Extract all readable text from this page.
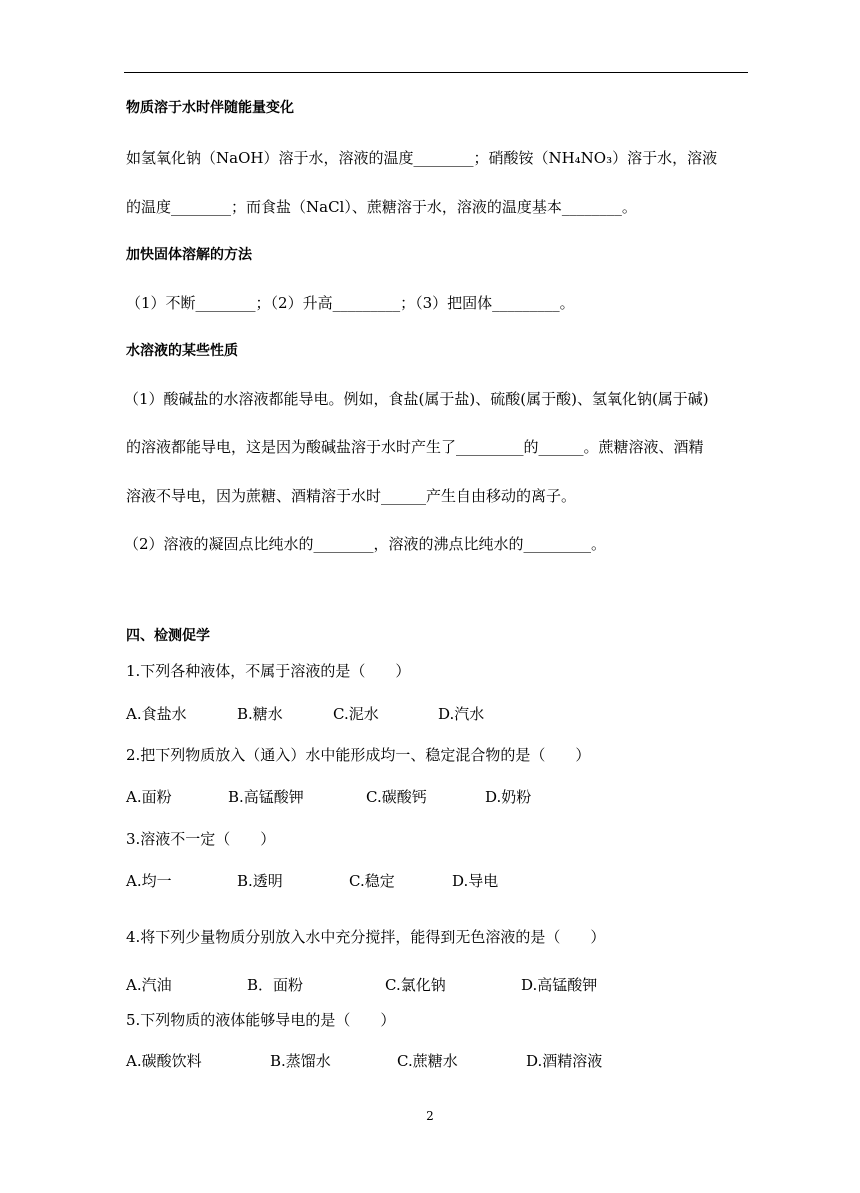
物质溶于水时伴随能量变化
如氢氧化钠（NaOH）溶于水，溶液的温度________；硝酸铵（NH₄NO₃）溶于水，溶液
的温度________；而食盐（NaCl）、蔗糖溶于水，溶液的温度基本________。
加快固体溶解的方法
（1）不断________；（2）升高_________；（3）把固体_________。
水溶液的某些性质
（1）酸碱盐的水溶液都能导电。例如，食盐(属于盐)、硫酸(属于酸)、氢氧化钠(属于碱)
的溶液都能导电，这是因为酸碱盐溶于水时产生了_________的______。蔗糖溶液、酒精
溶液不导电，因为蔗糖、酒精溶于水时______产生自由移动的离子。
（2）溶液的凝固点比纯水的________，溶液的沸点比纯水的_________。
四、检测促学
1.下列各种液体，不属于溶液的是（　　）
A.食盐水	B.糖水	C.泥水	D.汽水
2.把下列物质放入（通入）水中能形成均一、稳定混合物的是（　　）
A.面粉	B.高锰酸钾	C.碳酸钙	D.奶粉
3.溶液不一定（　　）
A.均一	B.透明	C.稳定	D.导电
4.将下列少量物质分别放入水中充分搅拌，能得到无色溶液的是（　　）
A.汽油	B．面粉	C.氯化钠	D.高锰酸钾
5.下列物质的液体能够导电的是（　　）
A.碳酸饮料	B.蒸馏水	C.蔗糖水	D.酒精溶液
2
